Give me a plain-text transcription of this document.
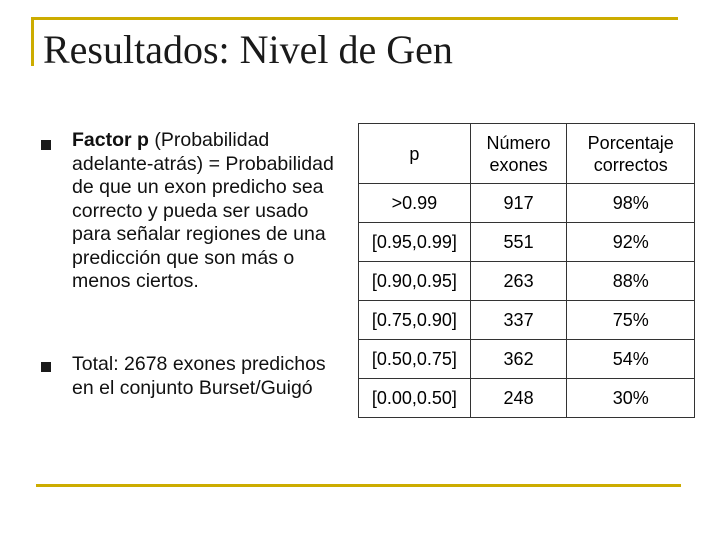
Resultados: Nivel de Gen
Factor p (Probabilidad adelante-atrás) = Probabilidad de que un exon predicho sea correcto y pueda ser usado para señalar regiones de una predicción que son más o menos ciertos.
Total: 2678 exones predichos en el conjunto Burset/Guigó
p	Número exones	Porcentaje correctos
>0.99	917	98%
[0.95,0.99]	551	92%
[0.90,0.95]	263	88%
[0.75,0.90]	337	75%
[0.50,0.75]	362	54%
[0.00,0.50]	248	30%
